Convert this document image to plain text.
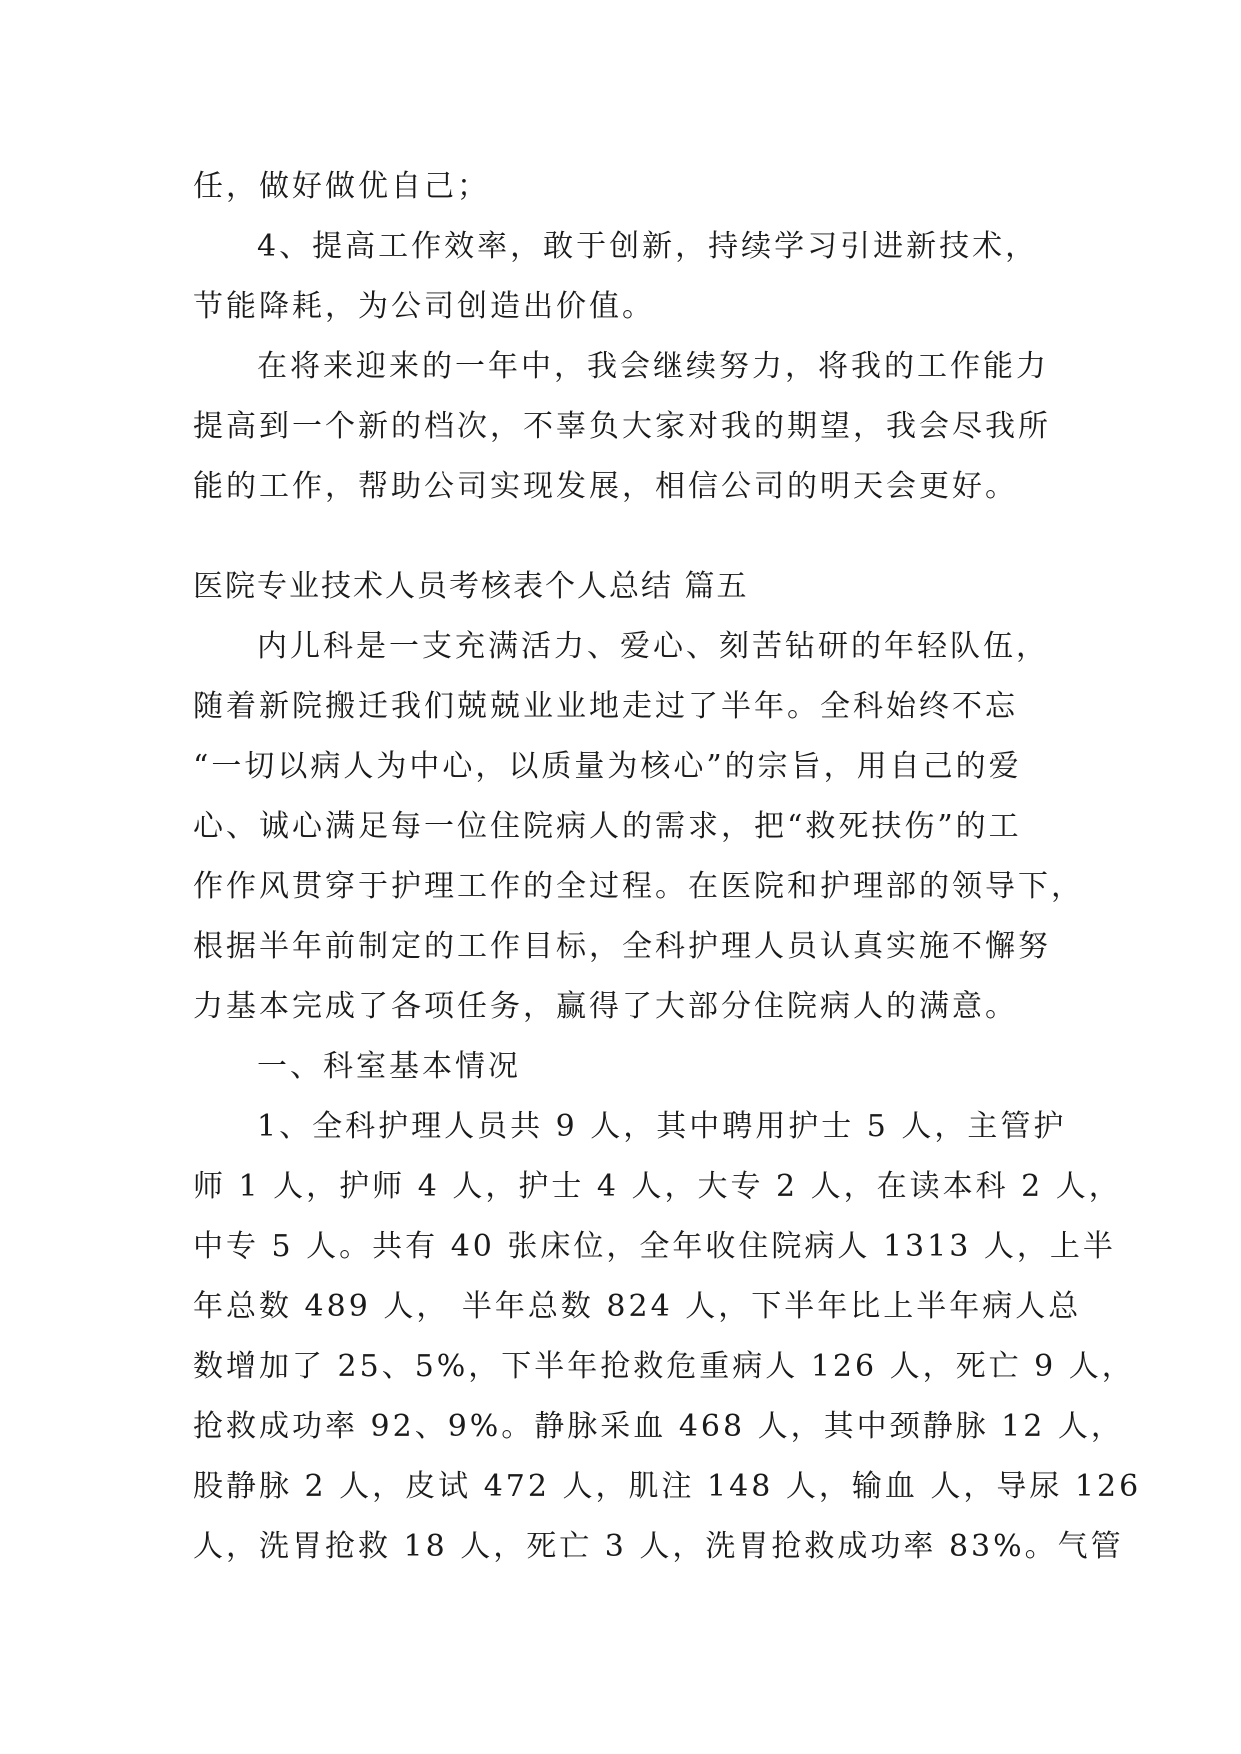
任，做好做优自己；

4、提高工作效率，敢于创新，持续学习引进新技术，

节能降耗，为公司创造出价值。

在将来迎来的一年中，我会继续努力，将我的工作能力

提高到一个新的档次，不辜负大家对我的期望，我会尽我所

能的工作，帮助公司实现发展，相信公司的明天会更好。

医院专业技术人员考核表个人总结 篇五

内儿科是一支充满活力、爱心、刻苦钻研的年轻队伍，

随着新院搬迁我们兢兢业业地走过了半年。全科始终不忘

“一切以病人为中心，以质量为核心”的宗旨，用自己的爱

心、诚心满足每一位住院病人的需求，把“救死扶伤”的工

作作风贯穿于护理工作的全过程。在医院和护理部的领导下，

根据半年前制定的工作目标，全科护理人员认真实施不懈努

力基本完成了各项任务，赢得了大部分住院病人的满意。

一、科室基本情况

1、全科护理人员共 9 人，其中聘用护士 5 人，主管护

师 1 人，护师 4 人，护士 4 人，大专 2 人，在读本科 2 人，

中专 5 人。共有 40 张床位，全年收住院病人 1313 人，上半

年总数 489 人， 半年总数 824 人，下半年比上半年病人总

数增加了 25、5%，下半年抢救危重病人 126 人，死亡 9 人，

抢救成功率 92、9%。静脉采血 468 人，其中颈静脉 12 人，

股静脉 2 人，皮试 472 人，肌注 148 人，输血 人，导尿 126

人，洗胃抢救 18 人，死亡 3 人，洗胃抢救成功率 83%。气管
